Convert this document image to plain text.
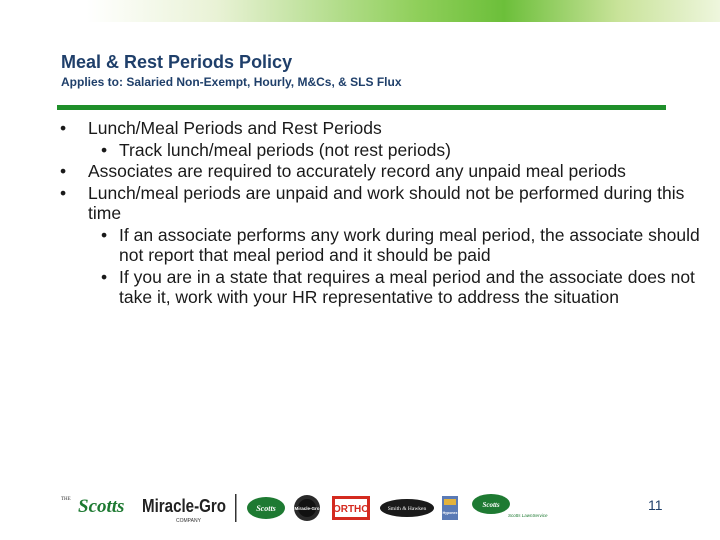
Meal & Rest Periods Policy

Applies to: Salaried Non-Exempt, Hourly, M&Cs, & SLS Flux

• Lunch/Meal Periods and Rest Periods
• Track lunch/meal periods (not rest periods)
• Associates are required to accurately record any unpaid meal periods
• Lunch/meal periods are unpaid and work should not be performed during this time
• If an associate performs any work during meal period, the associate should not report that meal period and it should be paid
• If you are in a state that requires a meal period and the associate does not take it, work with your HR representative to address the situation
THE Scotts Miracle-Gro
COMPANY
Scotts	Miracle-Gro ORTHO	Smith & Hawken
Hyponex
Scotts
Scotts LawnService
11
